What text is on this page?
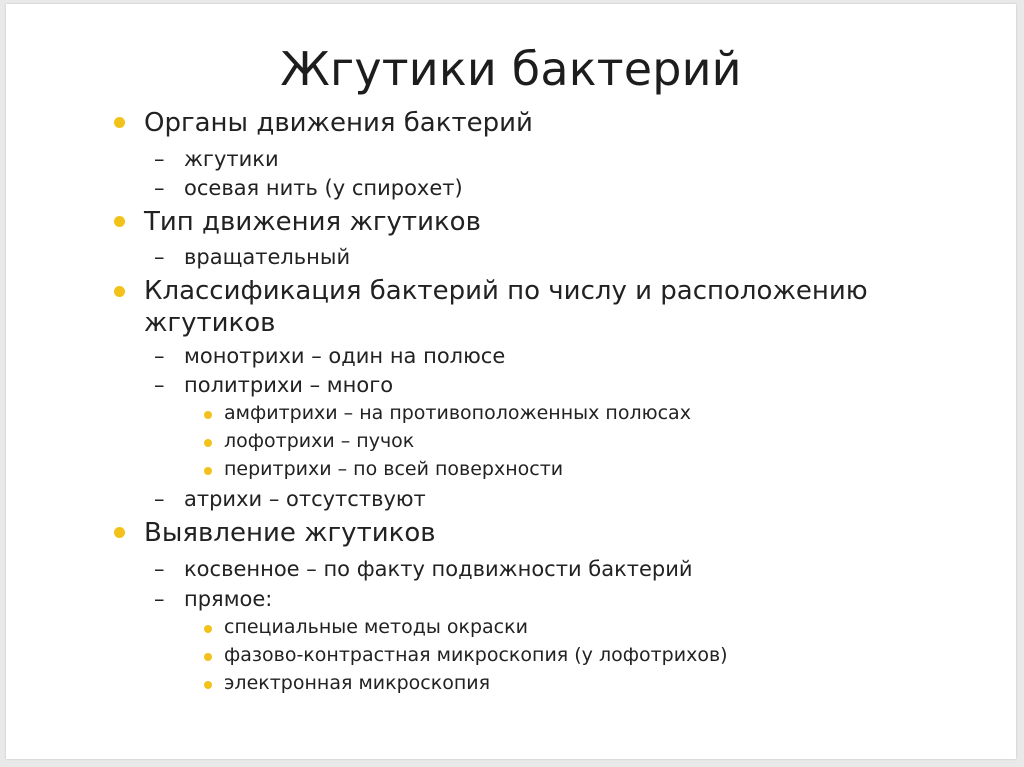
Жгутики бактерий
Органы движения бактерий
– жгутики
– осевая нить (у спирохет)
Тип движения жгутиков
– вращательный
Классификация бактерий по числу и расположению
жгутиков
– монотрихи – один на полюсе
– политрихи – много
амфитрихи – на противоположенных полюсах
лофотрихи – пучок
перитрихи – по всей поверхности
– атрихи – отсутствуют
Выявление жгутиков
– косвенное – по факту подвижности бактерий
– прямое:
специальные методы окраски
фазово-контрастная микроскопия (у лофотрихов)
электронная микроскопия
